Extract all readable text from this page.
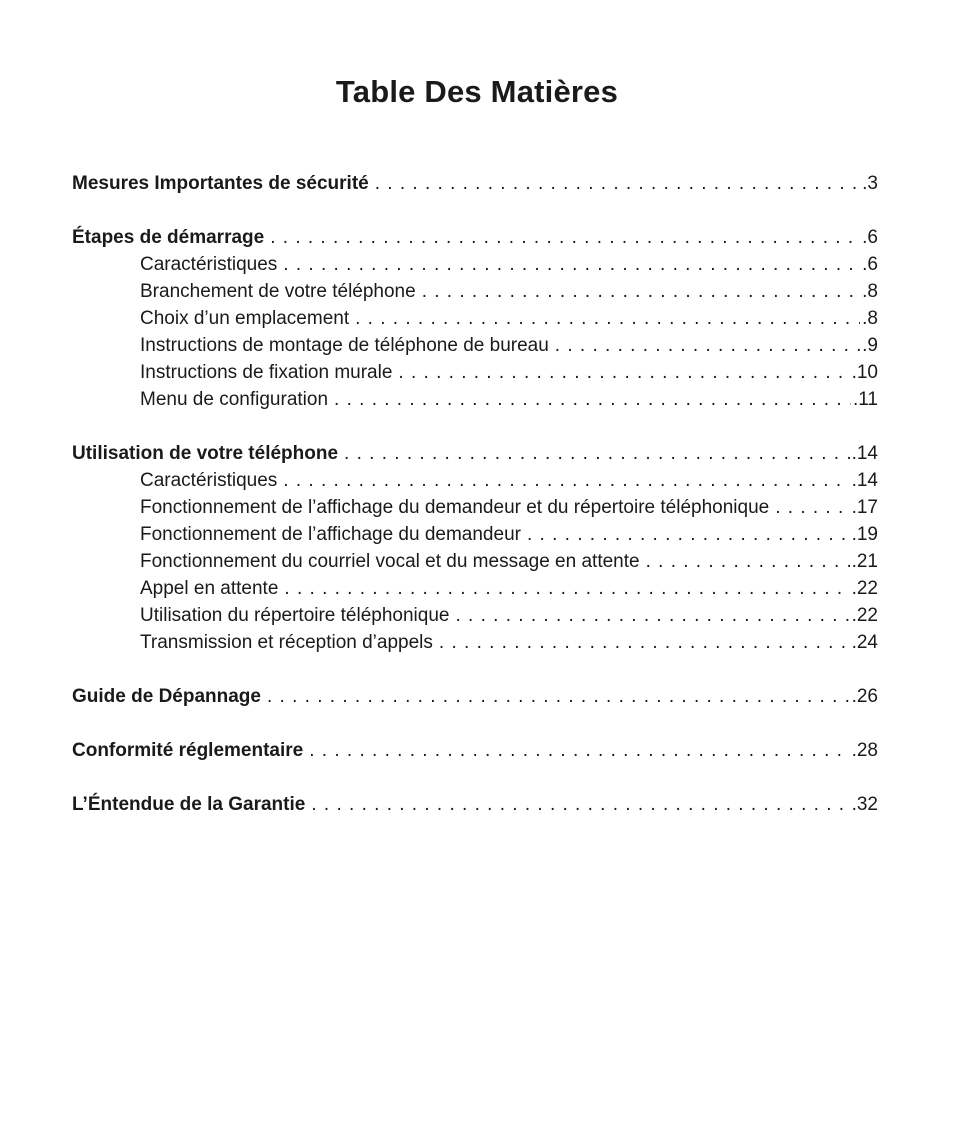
Table Des Matières
Mesures Importantes de sécurité . . .	.3
Étapes de démarrage . . .	.6
Caractéristiques . . .	.6
Branchement de votre téléphone . . .	.8
Choix d’un emplacement . . .	.8
Instructions de montage de téléphone de bureau . . .	.9
Instructions de fixation murale . . .	.10
Menu de configuration . . .	.11
Utilisation de votre téléphone . . .	.14
Caractéristiques . . .	.14
Fonctionnement de l’affichage du demandeur et du répertoire téléphonique . . .	.17
Fonctionnement de l’affichage du demandeur . . .	.19
Fonctionnement du courriel vocal et du message en attente . . .	.21
Appel en attente . . .	.22
Utilisation du répertoire téléphonique . . .	.22
Transmission et réception d’appels . . .	.24
Guide de Dépannage . . .	.26
Conformité réglementaire . . .	.28
L’Éntendue de la Garantie . . .	.32
